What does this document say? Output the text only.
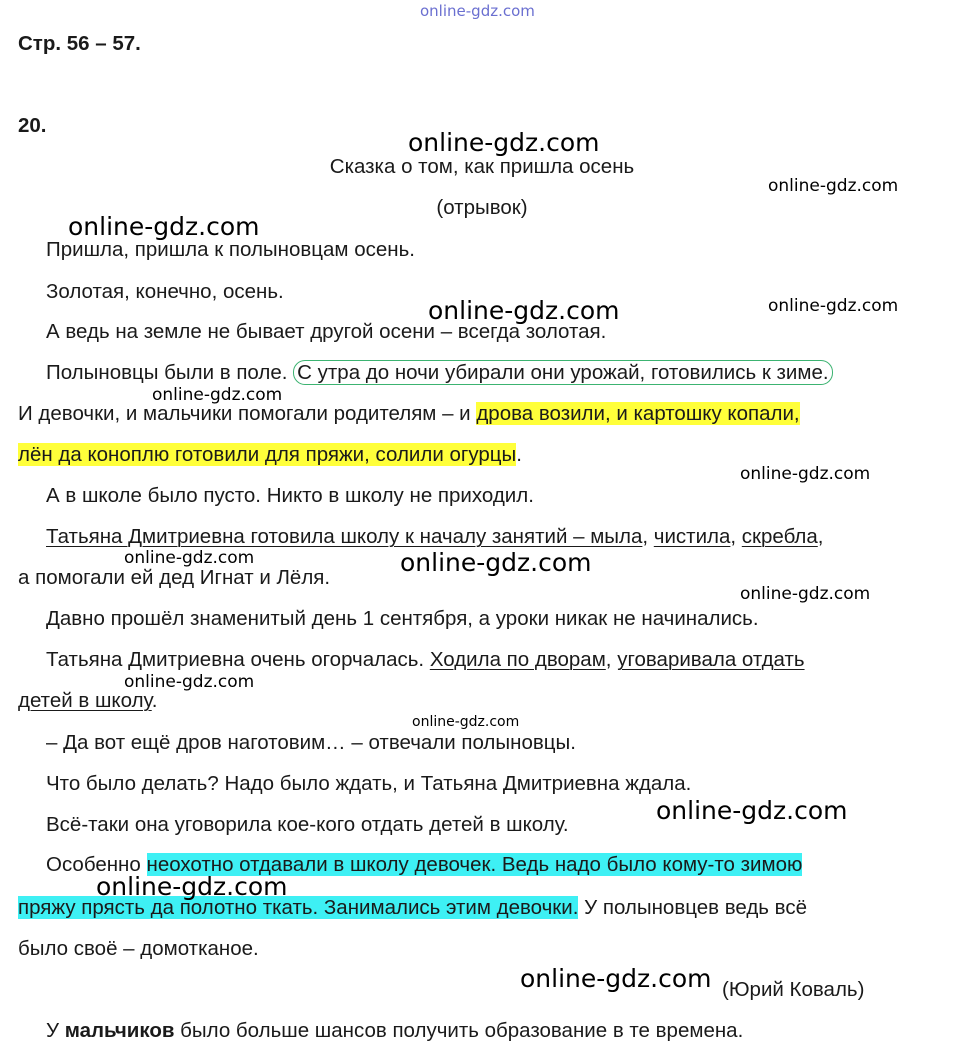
online-gdz.com
Стр. 56 – 57.
20.
Сказка о том, как пришла осень
(отрывок)
Пришла, пришла к полыновцам осень.
Золотая, конечно, осень.
А ведь на земле не бывает другой осени – всегда золотая.
Полыновцы были в поле. С утра до ночи убирали они урожай, готовились к зиме.
И девочки, и мальчики помогали родителям – и дрова возили, и картошку копали,
лён да коноплю готовили для пряжи, солили огурцы.
А в школе было пусто. Никто в школу не приходил.
Татьяна Дмитриевна готовила школу к началу занятий – мыла, чистила, скребла,
а помогали ей дед Игнат и Лёля.
Давно прошёл знаменитый день 1 сентября, а уроки никак не начинались.
Татьяна Дмитриевна очень огорчалась. Ходила по дворам, уговаривала отдать
детей в школу.
– Да вот ещё дров наготовим… – отвечали полыновцы.
Что было делать? Надо было ждать, и Татьяна Дмитриевна ждала.
Всё-таки она уговорила кое-кого отдать детей в школу.
Особенно неохотно отдавали в школу девочек. Ведь надо было кому-то зимою
пряжу прясть да полотно ткать. Занимались этим девочки. У полыновцев ведь всё
было своё – домотканое.
(Юрий Коваль)
У мальчиков было больше шансов получить образование в те времена.
online-gdz.com
online-gdz.com
online-gdz.com
online-gdz.com	online-gdz.com
online-gdz.com
online-gdz.com
online-gdz.com	online-gdz.com
online-gdz.com
online-gdz.com
online-gdz.com
online-gdz.com
online-gdz.com
online-gdz.com
